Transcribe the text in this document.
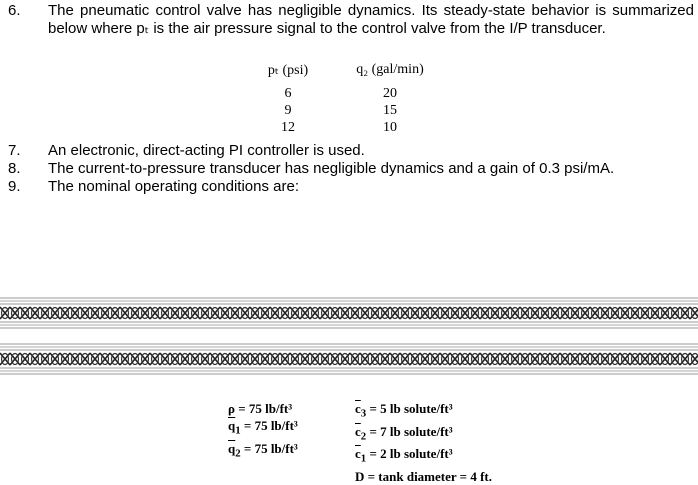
6. The pneumatic control valve has negligible dynamics. Its steady-state behavior is summarized below where pₜ is the air pressure signal to the control valve from the I/P transducer.
pₜ (psi)	q₂ (gal/min)
6	20
9	15
12	10
7. An electronic, direct-acting PI controller is used.
8. The current-to-pressure transducer has negligible dynamics and a gain of 0.3 psi/mA.
9. The nominal operating conditions are:
ρ = 75 lb/ft³
$\overline{q}_1 = 75$ lb/ft³
$\overline{q}_2 = 75$ lb/ft³
$\overline{c}_3 = 5$ lb solute/ft³
$\overline{c}_2 = 7$ lb solute/ft³
$\overline{c}_1 = 2$ lb solute/ft³
D = tank diameter = 4 ft.
